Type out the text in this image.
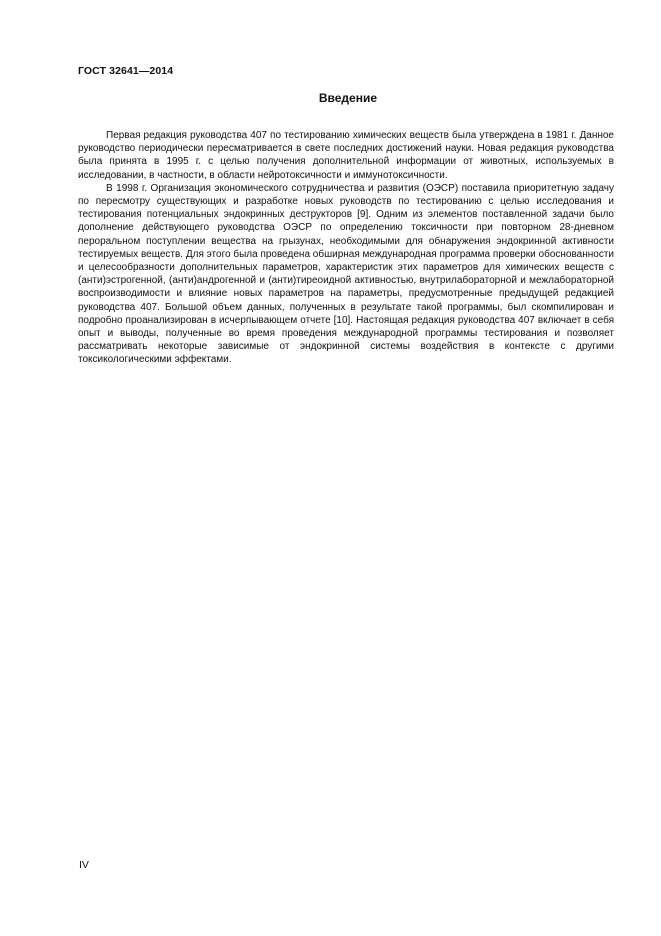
ГОСТ 32641—2014
Введение

Первая редакция руководства 407 по тестированию химических веществ была утверждена в 1981 г. Данное руководство периодически пересматривается в свете последних достижений науки. Новая редакция руководства была принята в 1995 г. с целью получения дополнительной информации от животных, используемых в исследовании, в частности, в области нейротоксичности и иммунотоксичности.

В 1998 г. Организация экономического сотрудничества и развития (ОЭСР) поставила приоритетную задачу по пересмотру существующих и разработке новых руководств по тестированию с целью исследования и тестирования потенциальных эндокринных деструкторов [9]. Одним из элементов поставленной задачи было дополнение действующего руководства ОЭСР по определению токсичности при повторном 28-дневном пероральном поступлении вещества на грызунах, необходимыми для обнаружения эндокринной активности тестируемых веществ. Для этого была проведена обширная международная программа проверки обоснованности и целесообразности дополнительных параметров, характеристик этих параметров для химических веществ с (анти)эстрогенной, (анти)андрогенной и (анти)тиреоидной активностью, внутрилабораторной и межлабораторной воспроизводимости и влияние новых параметров на параметры, предусмотренные предыдущей редакцией руководства 407. Большой объем данных, полученных в результате такой программы, был скомпилирован и подробно проанализирован в исчерпывающем отчете [10]. Настоящая редакция руководства 407 включает в себя опыт и выводы, полученные во время проведения международной программы тестирования и позволяет рассматривать некоторые зависимые от эндокринной системы воздействия в контексте с другими токсикологическими эффектами.

IV
